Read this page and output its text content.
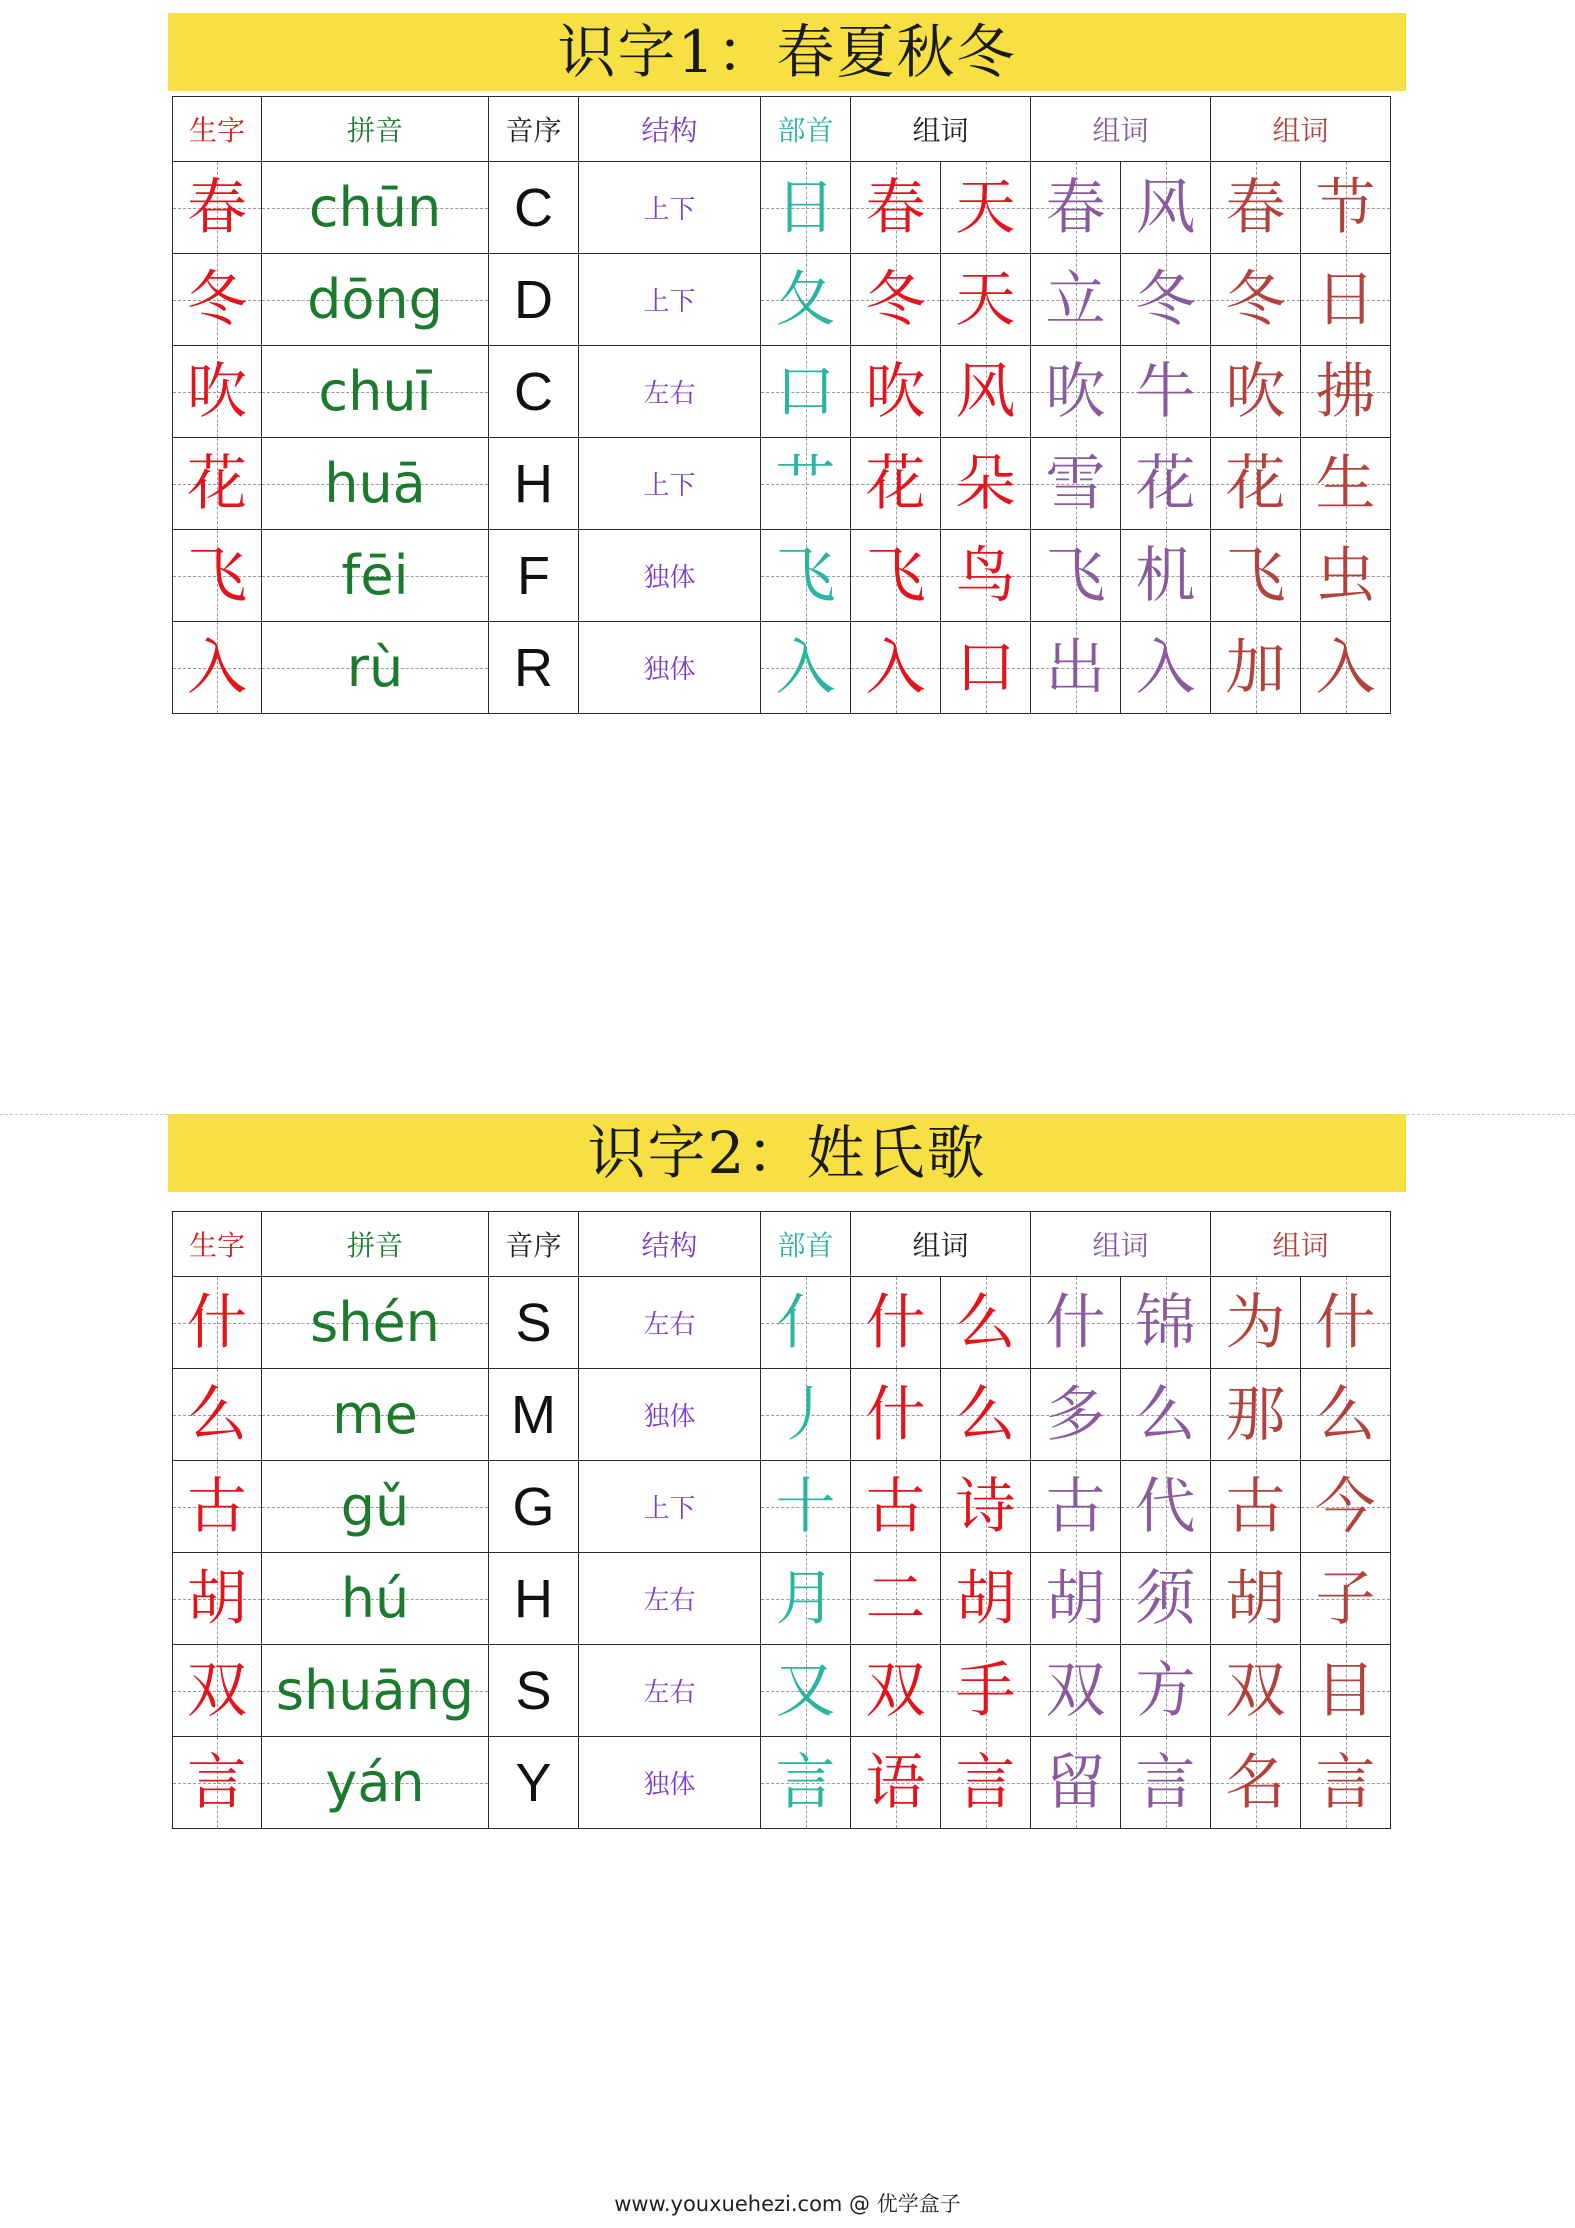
识字1：春夏秋冬
生字	拼音	音序	结构	部首	组词		组词		组词	
春	chūn	C	上下	日	春	天	春	风	春	节
冬	dōng	D	上下	夂	冬	天	立	冬	冬	日
吹	chuī	C	左右	口	吹	风	吹	牛	吹	拂
花	huā	H	上下	艹	花	朵	雪	花	花	生
飞	fēi	F	独体	飞	飞	鸟	飞	机	飞	虫
入	rù	R	独体	入	入	口	出	入	加	入
识字2：姓氏歌
生字	拼音	音序	结构	部首	组词		组词		组词	
什	shén	S	左右	亻	什	么	什	锦	为	什
么	me	M	独体	丿	什	么	多	么	那	么
古	gǔ	G	上下	十	古	诗	古	代	古	今
胡	hú	H	左右	月	二	胡	胡	须	胡	子
双	shuāng	S	左右	又	双	手	双	方	双	目
言	yán	Y	独体	言	语	言	留	言	名	言
www.youxuehezi.com @ 优学盒子
